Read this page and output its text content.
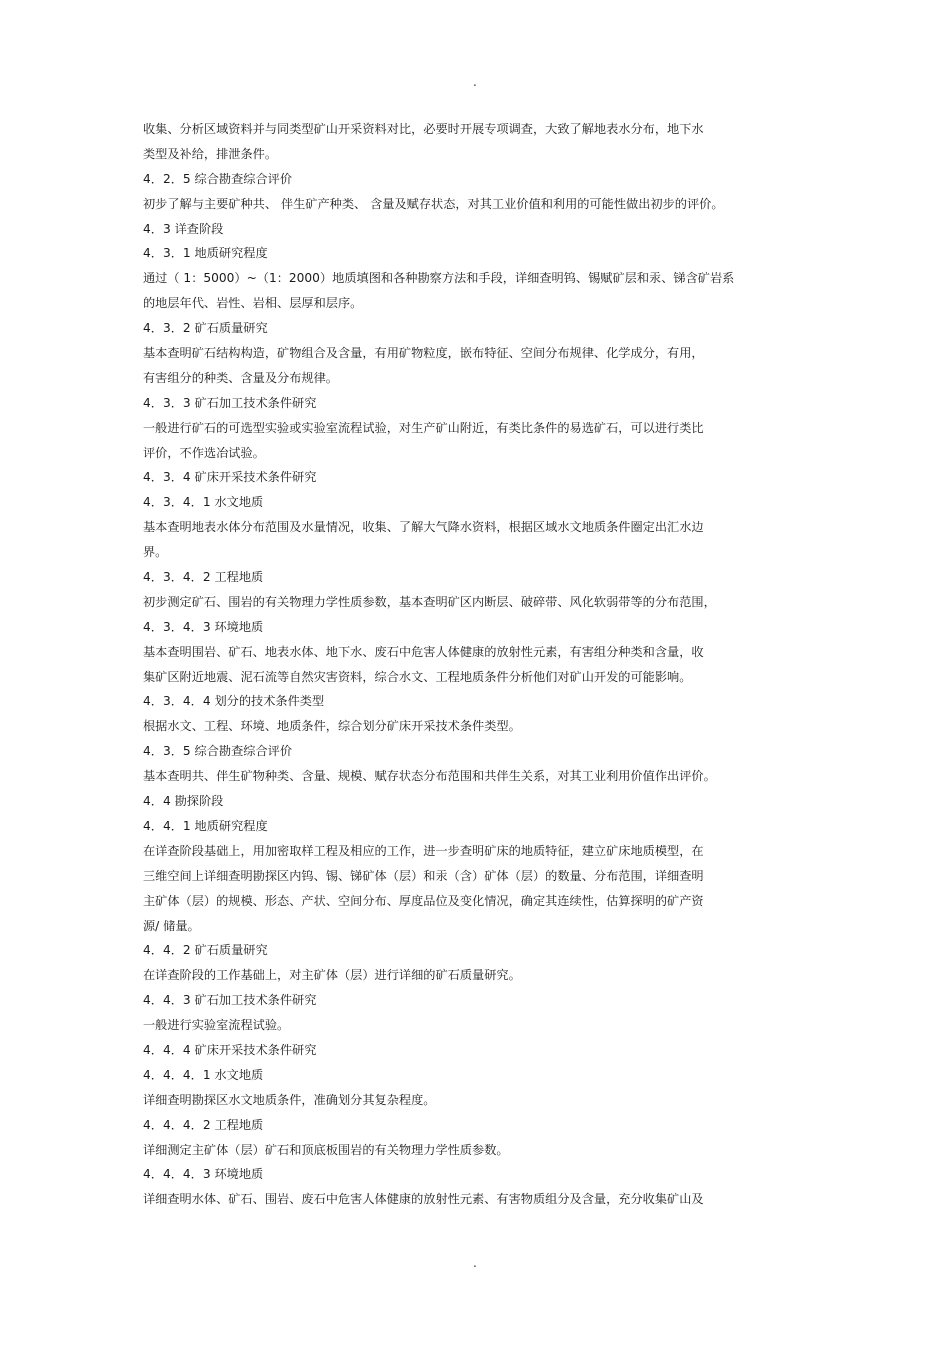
.
收集、分析区域资料并与同类型矿山开采资料对比，必要时开展专项调查，大致了解地表水分布，地下水
类型及补给，排泄条件。
4．2．5 综合勘查综合评价
初步了解与主要矿种共、 伴生矿产种类、 含量及赋存状态，对其工业价值和利用的可能性做出初步的评价。
4．3 详查阶段
4．3．1 地质研究程度
通过（ 1：5000）~（1：2000）地质填图和各种勘察方法和手段，详细查明钨、锡赋矿层和汞、锑含矿岩系
的地层年代、岩性、岩相、层厚和层序。
4．3．2 矿石质量研究
基本查明矿石结构构造，矿物组合及含量，有用矿物粒度，嵌布特征、空间分布规律、化学成分，有用，
有害组分的种类、含量及分布规律。
4．3．3 矿石加工技术条件研究
一般进行矿石的可选型实验或实验室流程试验，对生产矿山附近，有类比条件的易选矿石，可以进行类比
评价，不作选冶试验。
4．3．4 矿床开采技术条件研究
4．3．4．1 水文地质
基本查明地表水体分布范围及水量情况，收集、了解大气降水资料，根据区域水文地质条件圈定出汇水边
界。
4．3．4．2 工程地质
初步测定矿石、围岩的有关物理力学性质参数，基本查明矿区内断层、破碎带、风化软弱带等的分布范围，
4．3．4．3 环境地质
基本查明围岩、矿石、地表水体、地下水、废石中危害人体健康的放射性元素，有害组分种类和含量，收
集矿区附近地震、泥石流等自然灾害资料，综合水文、工程地质条件分析他们对矿山开发的可能影响。
4．3．4．4 划分的技术条件类型
根据水文、工程、环境、地质条件，综合划分矿床开采技术条件类型。
4．3．5 综合勘查综合评价
基本查明共、伴生矿物种类、含量、规模、赋存状态分布范围和共伴生关系，对其工业利用价值作出评价。
4．4 勘探阶段
4．4．1 地质研究程度
在详查阶段基础上，用加密取样工程及相应的工作，进一步查明矿床的地质特征，建立矿床地质模型，在
三维空间上详细查明勘探区内钨、锡、锑矿体（层）和汞（含）矿体（层）的数量、分布范围，详细查明
主矿体（层）的规模、形态、产状、空间分布、厚度品位及变化情况，确定其连续性，估算探明的矿产资
源/ 储量。
4．4．2 矿石质量研究
在详查阶段的工作基础上，对主矿体（层）进行详细的矿石质量研究。
4．4．3 矿石加工技术条件研究
一般进行实验室流程试验。
4．4．4 矿床开采技术条件研究
4．4．4．1 水文地质
详细查明勘探区水文地质条件，准确划分其复杂程度。
4．4．4．2 工程地质
详细测定主矿体（层）矿石和顶底板围岩的有关物理力学性质参数。
4．4．4．3 环境地质
详细查明水体、矿石、围岩、废石中危害人体健康的放射性元素、有害物质组分及含量，充分收集矿山及
.
